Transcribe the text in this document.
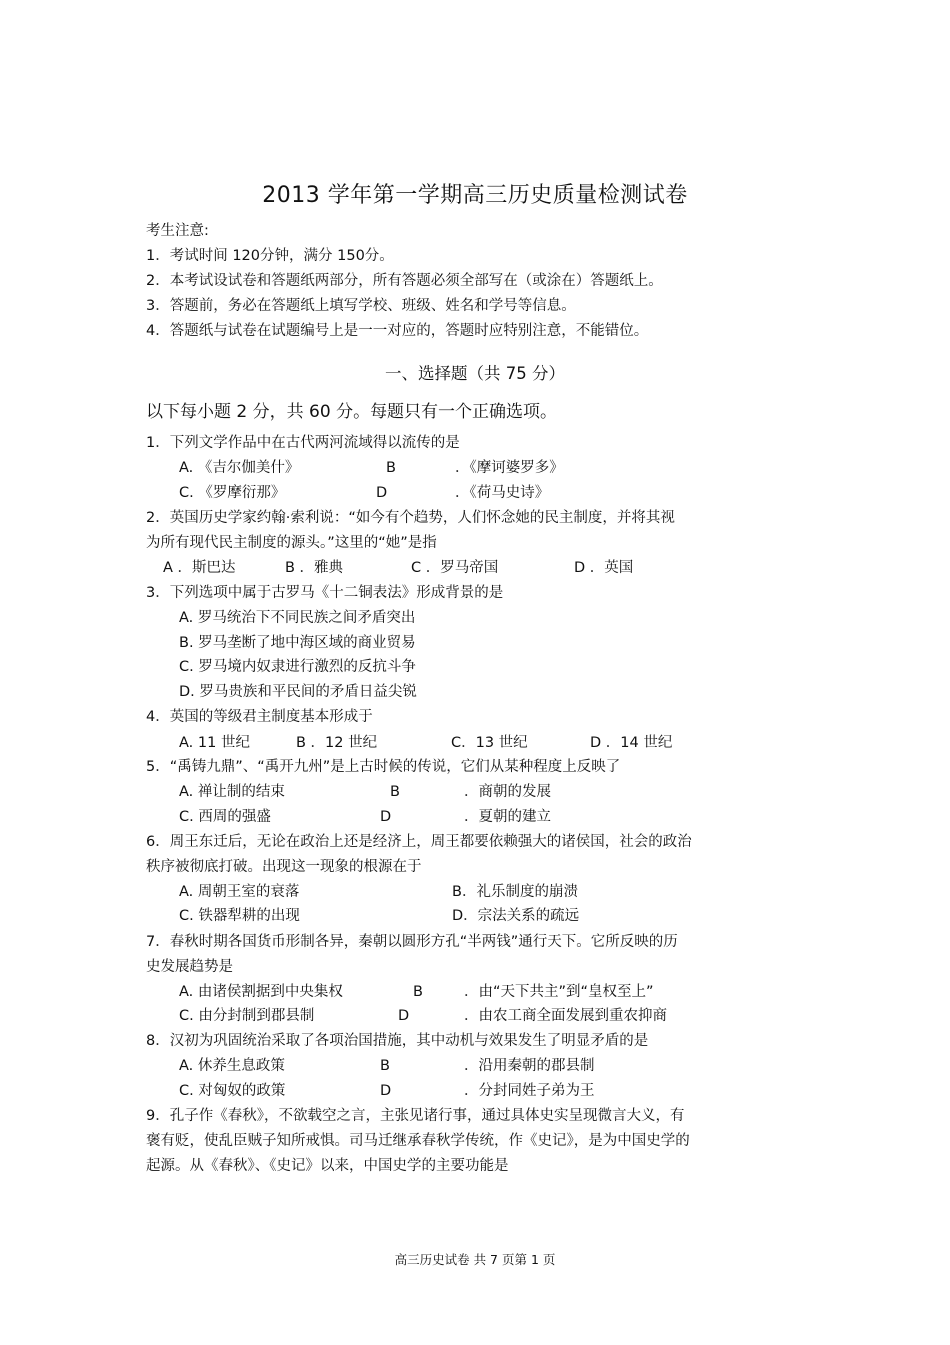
2013 学年第一学期高三历史质量检测试卷
考生注意:
1．考试时间 120分钟，满分 150分。
2．本考试设试卷和答题纸两部分，所有答题必须全部写在（或涂在）答题纸上。
3．答题前，务必在答题纸上填写学校、班级、姓名和学号等信息。
4．答题纸与试卷在试题编号上是一一对应的，答题时应特别注意，不能错位。
一、选择题（共 75 分）
以下每小题 2 分，共 60 分。每题只有一个正确选项。
1．下列文学作品中在古代两河流域得以流传的是
A. 《吉尔伽美什》	B	．《摩诃婆罗多》
C. 《罗摩衍那》	D	．《荷马史诗》
2．英国历史学家约翰·索利说：“如今有个趋势，人们怀念她的民主制度，并将其视
为所有现代民主制度的源头。”这里的“她”是指
A ．斯巴达	B ．雅典	C ．罗马帝国	D ．英国
3．下列选项中属于古罗马《十二铜表法》形成背景的是
A. 罗马统治下不同民族之间矛盾突出
B. 罗马垄断了地中海区域的商业贸易
C. 罗马境内奴隶进行激烈的反抗斗争
D. 罗马贵族和平民间的矛盾日益尖锐
4．英国的等级君主制度基本形成于
A. 11 世纪	B ．12 世纪	C．13 世纪	D ．14 世纪
5．“禹铸九鼎”、“禹开九州”是上古时候的传说，它们从某种程度上反映了
A. 禅让制的结束	B	．商朝的发展
C. 西周的强盛	D	．夏朝的建立
6．周王东迁后，无论在政治上还是经济上，周王都要依赖强大的诸侯国，社会的政治
秩序被彻底打破。出现这一现象的根源在于
A. 周朝王室的衰落	B．礼乐制度的崩溃
C. 铁器犁耕的出现	D．宗法关系的疏远
7．春秋时期各国货币形制各异，秦朝以圆形方孔“半两钱”通行天下。它所反映的历
史发展趋势是
A. 由诸侯割据到中央集权	B	．由“天下共主”到“皇权至上”
C. 由分封制到郡县制	D	．由农工商全面发展到重农抑商
8．汉初为巩固统治采取了各项治国措施，其中动机与效果发生了明显矛盾的是
A. 休养生息政策	B	．沿用秦朝的郡县制
C. 对匈奴的政策	D	．分封同姓子弟为王
9．孔子作《春秋》，不欲载空之言，主张见诸行事，通过具体史实呈现微言大义，有
褒有贬，使乱臣贼子知所戒惧。司马迁继承春秋学传统，作《史记》，是为中国史学的
起源。从《春秋》、《史记》以来，中国史学的主要功能是
高三历史试卷 共 7 页第 1 页
